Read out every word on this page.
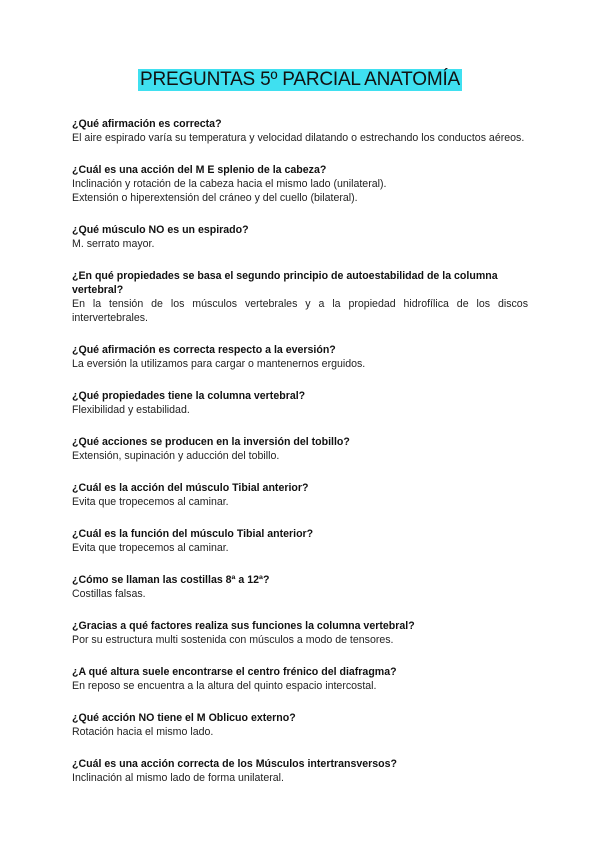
PREGUNTAS 5º PARCIAL ANATOMÍA

¿Qué afirmación es correcta?

El aire espirado varía su temperatura y velocidad dilatando o estrechando los conductos aéreos.

¿Cuál es una acción del M E splenio de la cabeza?

Inclinación y rotación de la cabeza hacia el mismo lado (unilateral).

Extensión o hiperextensión del cráneo y del cuello (bilateral).

¿Qué músculo NO es un espirado?

M. serrato mayor.

¿En qué propiedades se basa el segundo principio de autoestabilidad de la columna vertebral?

En la tensión de los músculos vertebrales y a la propiedad hidrofílica de los discos intervertebrales.

¿Qué afirmación es correcta respecto a la eversión?

La eversión la utilizamos para cargar o mantenernos erguidos.

¿Qué propiedades tiene la columna vertebral?

Flexibilidad y estabilidad.

¿Qué acciones se producen en la inversión del tobillo?

Extensión, supinación y aducción del tobillo.

¿Cuál es la acción del músculo Tibial anterior?

Evita que tropecemos al caminar.

¿Cuál es la función del músculo Tibial anterior?

Evita que tropecemos al caminar.

¿Cómo se llaman las costillas 8ª a 12ª?

Costillas falsas.

¿Gracias a qué factores realiza sus funciones la columna vertebral?

Por su estructura multi sostenida con músculos a modo de tensores.

¿A qué altura suele encontrarse el centro frénico del diafragma?

En reposo se encuentra a la altura del quinto espacio intercostal.

¿Qué acción NO tiene el M Oblicuo externo?

Rotación hacia el mismo lado.

¿Cuál es una acción correcta de los Músculos intertransversos?

Inclinación al mismo lado de forma unilateral.
